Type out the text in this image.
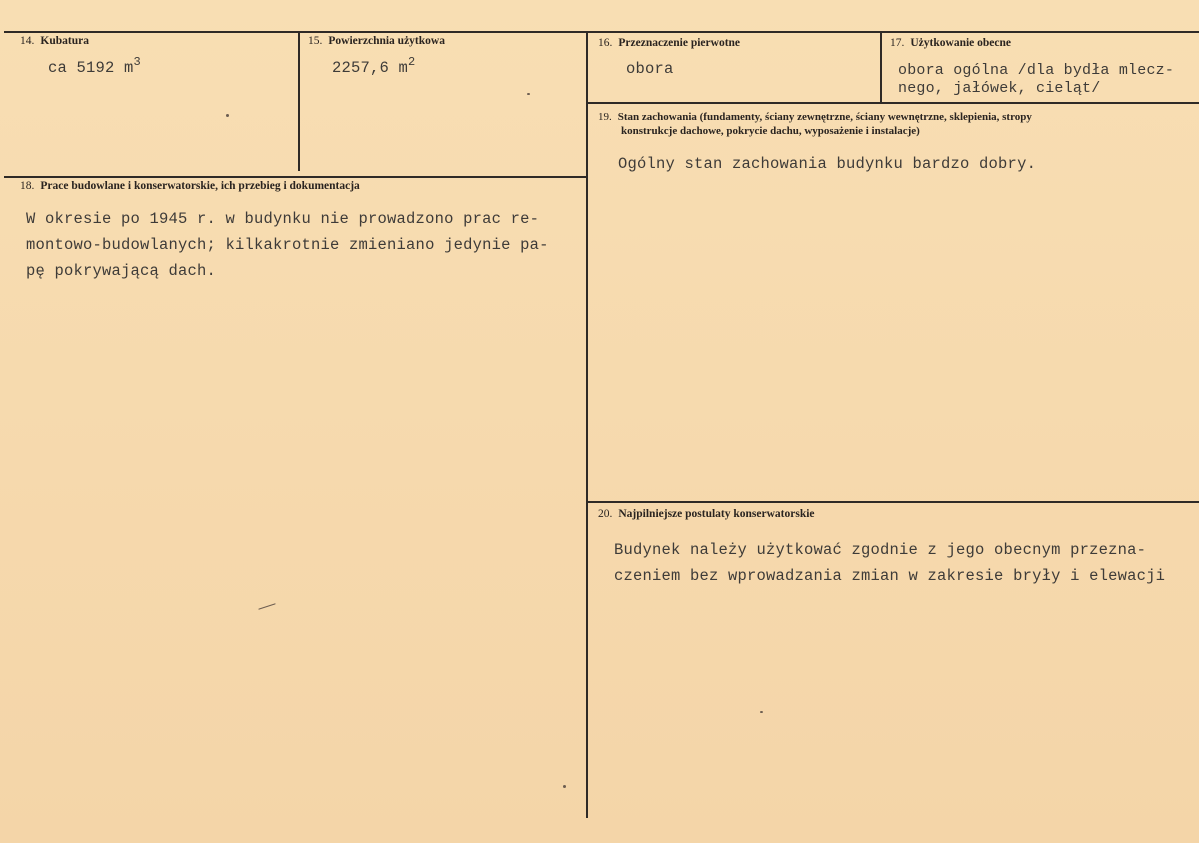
14. Kubatura
ca 5192 $m^3$
15. Powierzchnia użytkowa
2257,6 $m^2$
16. Przeznaczenie pierwotne
obora
17. Użytkowanie obecne
obora ogólna /dla bydła mlecz-
nego, jałówek, cieląt/
19. Stan zachowania (fundamenty, ściany zewnętrzne, ściany wewnętrzne, sklepienia, stropy
konstrukcje dachowe, pokrycie dachu, wyposażenie i instalacje)
Ogólny stan zachowania budynku bardzo dobry.
18. Prace budowlane i konserwatorskie, ich przebieg i dokumentacja
W okresie po 1945 r. w budynku nie prowadzono prac re-
montowo-budowlanych; kilkakrotnie zmieniano jedynie pa-
pę pokrywającą dach.
20. Najpilniejsze postulaty konserwatorskie
Budynek należy użytkować zgodnie z jego obecnym przezna-
czeniem bez wprowadzania zmian w zakresie bryły i elewacji
